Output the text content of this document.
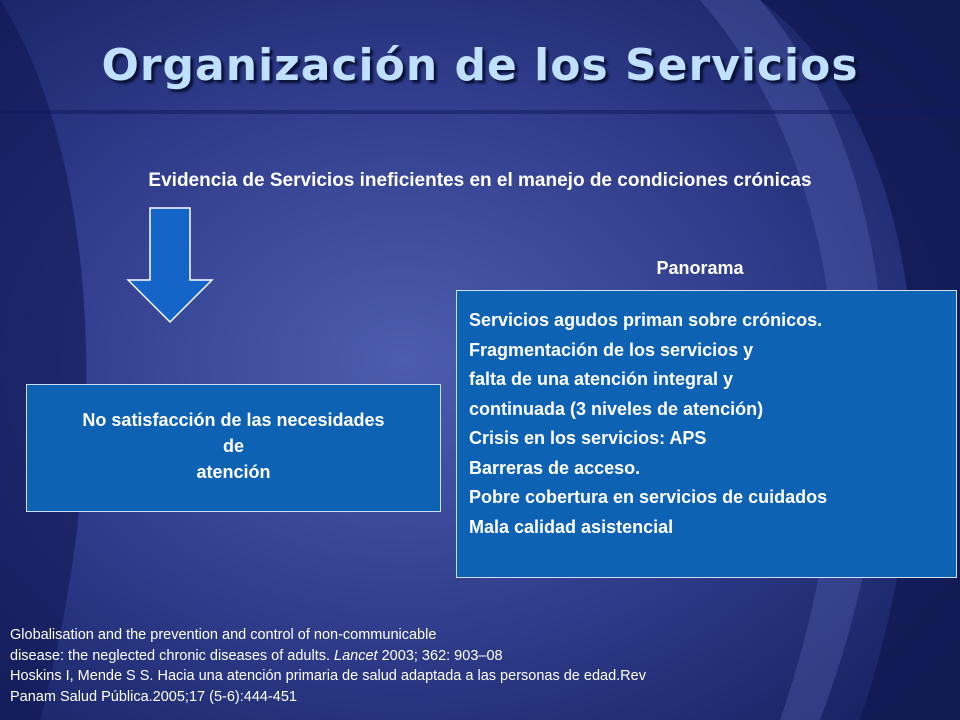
Organización de los Servicios
Evidencia de Servicios ineficientes en el manejo de condiciones crónicas
Panorama
No satisfacción de las necesidades
de
atención
Servicios agudos priman sobre crónicos.
Fragmentación de los servicios y
falta de una atención integral y
continuada (3 niveles de atención)
Crisis en los servicios: APS
Barreras de acceso.
Pobre cobertura en servicios de cuidados
Mala calidad asistencial
Globalisation and the prevention and control of non-communicable
disease: the neglected chronic diseases of adults. Lancet 2003; 362: 903–08
Hoskins I, Mende S S. Hacia una atención primaria de salud adaptada a las personas de edad.Rev
Panam Salud Pública.2005;17 (5-6):444-451
